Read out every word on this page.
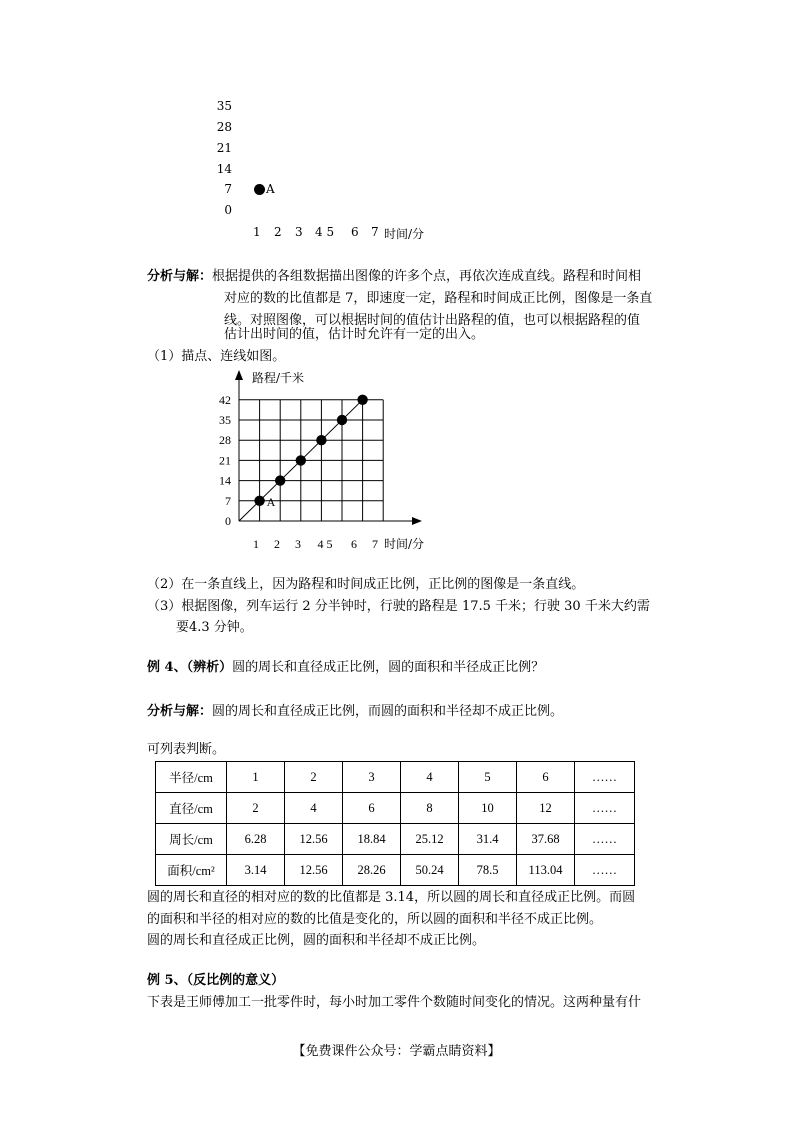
35
28
21
14
7
0
A
1 2 3 4 5 6 7 时间/分
分析与解：根据提供的各组数据描出图像的许多个点，再依次连成直线。路程和时间相
对应的数的比值都是 7，即速度一定，路程和时间成正比例，图像是一条直
线。对照图像，可以根据时间的值估计出路程的值，也可以根据路程的值
估计出时间的值，估计时允许有一定的出入。
（1）描点、连线如图。
路程/千米
A
42
35
28
21
14
7
0
1 2 3 4 5 6 7 时间/分
（2）在一条直线上，因为路程和时间成正比例，正比例的图像是一条直线。
（3）根据图像，列车运行 2 分半钟时，行驶的路程是 17.5 千米；行驶 30 千米大约需
要4.3 分钟。
例 4、（辨析）圆的周长和直径成正比例，圆的面积和半径成正比例？
分析与解：圆的周长和直径成正比例，而圆的面积和半径却不成正比例。
可列表判断。
半径/cm	1	2	3	4	5	6	……
直径/cm	2	4	6	8	10	12	……
周长/cm	6.28	12.56	18.84	25.12	31.4	37.68	……
面积/cm²	3.14	12.56	28.26	50.24	78.5	113.04	……
圆的周长和直径的相对应的数的比值都是 3.14，所以圆的周长和直径成正比例。而圆
的面积和半径的相对应的数的比值是变化的，所以圆的面积和半径不成正比例。
圆的周长和直径成正比例，圆的面积和半径却不成正比例。
例 5、（反比例的意义）
下表是王师傅加工一批零件时，每小时加工零件个数随时间变化的情况。这两种量有什
【免费课件公众号：学霸点睛资料】
